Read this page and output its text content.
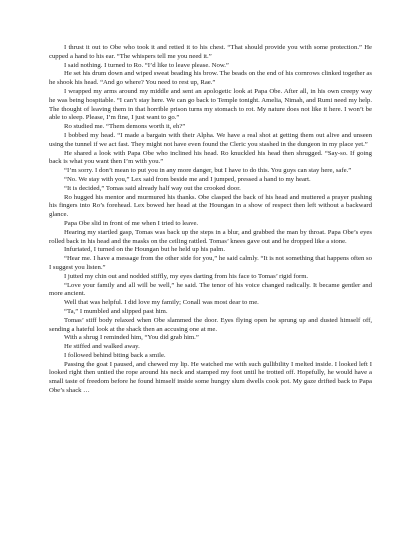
I thrust it out to Obe who took it and retied it to his chest. “That should provide you with some protection.” He cupped a hand to his ear. “The whispers tell me you need it.”

I said nothing. I turned to Ro. “I’d like to leave please. Now.”

He set his drum down and wiped sweat beading his brow. The beads on the end of his cornrows clinked together as he shook his head. “And go where? You need to rest up, Rae.”

I wrapped my arms around my middle and sent an apologetic look at Papa Obe. After all, in his own creepy way he was being hospitable. “I can’t stay here. We can go back to Temple tonight. Amelia, Nimah, and Rumi need my help. The thought of leaving them in that horrible prison turns my stomach to rot. My nature does not like it here. I won’t be able to sleep. Please, I’m fine, I just want to go.”

Ro studied me. “Them demons worth it, eh?”

I bobbed my head. “I made a bargain with their Alpha. We have a real shot at getting them out alive and unseen using the tunnel if we act fast. They might not have even found the Cleric you stashed in the dungeon in my place yet.”

He shared a look with Papa Obe who inclined his head. Ro knuckled his head then shrugged. “Say-so. If going back is what you want then I’m with you.”

“I’m sorry. I don’t mean to put you in any more danger, but I have to do this. You guys can stay here, safe.”

“No. We stay with you,” Lex said from beside me and I jumped, pressed a hand to my heart.

“It is decided,” Tomas said already half way out the crooked door.

Ro hugged his mentor and murmured his thanks. Obe clasped the back of his head and muttered a prayer pushing his fingers into Ro’s forehead. Lex bowed her head at the Houngan in a show of respect then left without a backward glance.

Papa Obe slid in front of me when I tried to leave.

Hearing my startled gasp, Tomas was back up the steps in a blur, and grabbed the man by throat. Papa Obe’s eyes rolled back in his head and the masks on the ceiling rattled. Tomas’ knees gave out and he dropped like a stone.

Infuriated, I turned on the Houngan but he held up his palm.

“Hear me. I have a message from the other side for you,” he said calmly. “It is not something that happens often so I suggest you listen.”

I jutted my chin out and nodded stiffly, my eyes darting from his face to Tomas’ rigid form.

“Love your family and all will be well,” he said. The tenor of his voice changed radically. It became gentler and more ancient.

Well that was helpful. I did love my family; Conall was most dear to me.

“Ta,” I mumbled and slipped past him.

Tomas’ stiff body relaxed when Obe slammed the door. Eyes flying open he sprung up and dusted himself off, sending a hateful look at the shack then an accusing one at me.

With a shrug I reminded him, “You did grab him.”

He stiffed and walked away.

I followed behind biting back a smile.

Passing the goat I paused, and chewed my lip. He watched me with such gullibility I melted inside. I looked left I looked right then untied the rope around his neck and stamped my foot until he trotted off. Hopefully, he would have a small taste of freedom before he found himself inside some hungry slum dwells cook pot. My gaze drifted back to Papa Obe’s shack …
